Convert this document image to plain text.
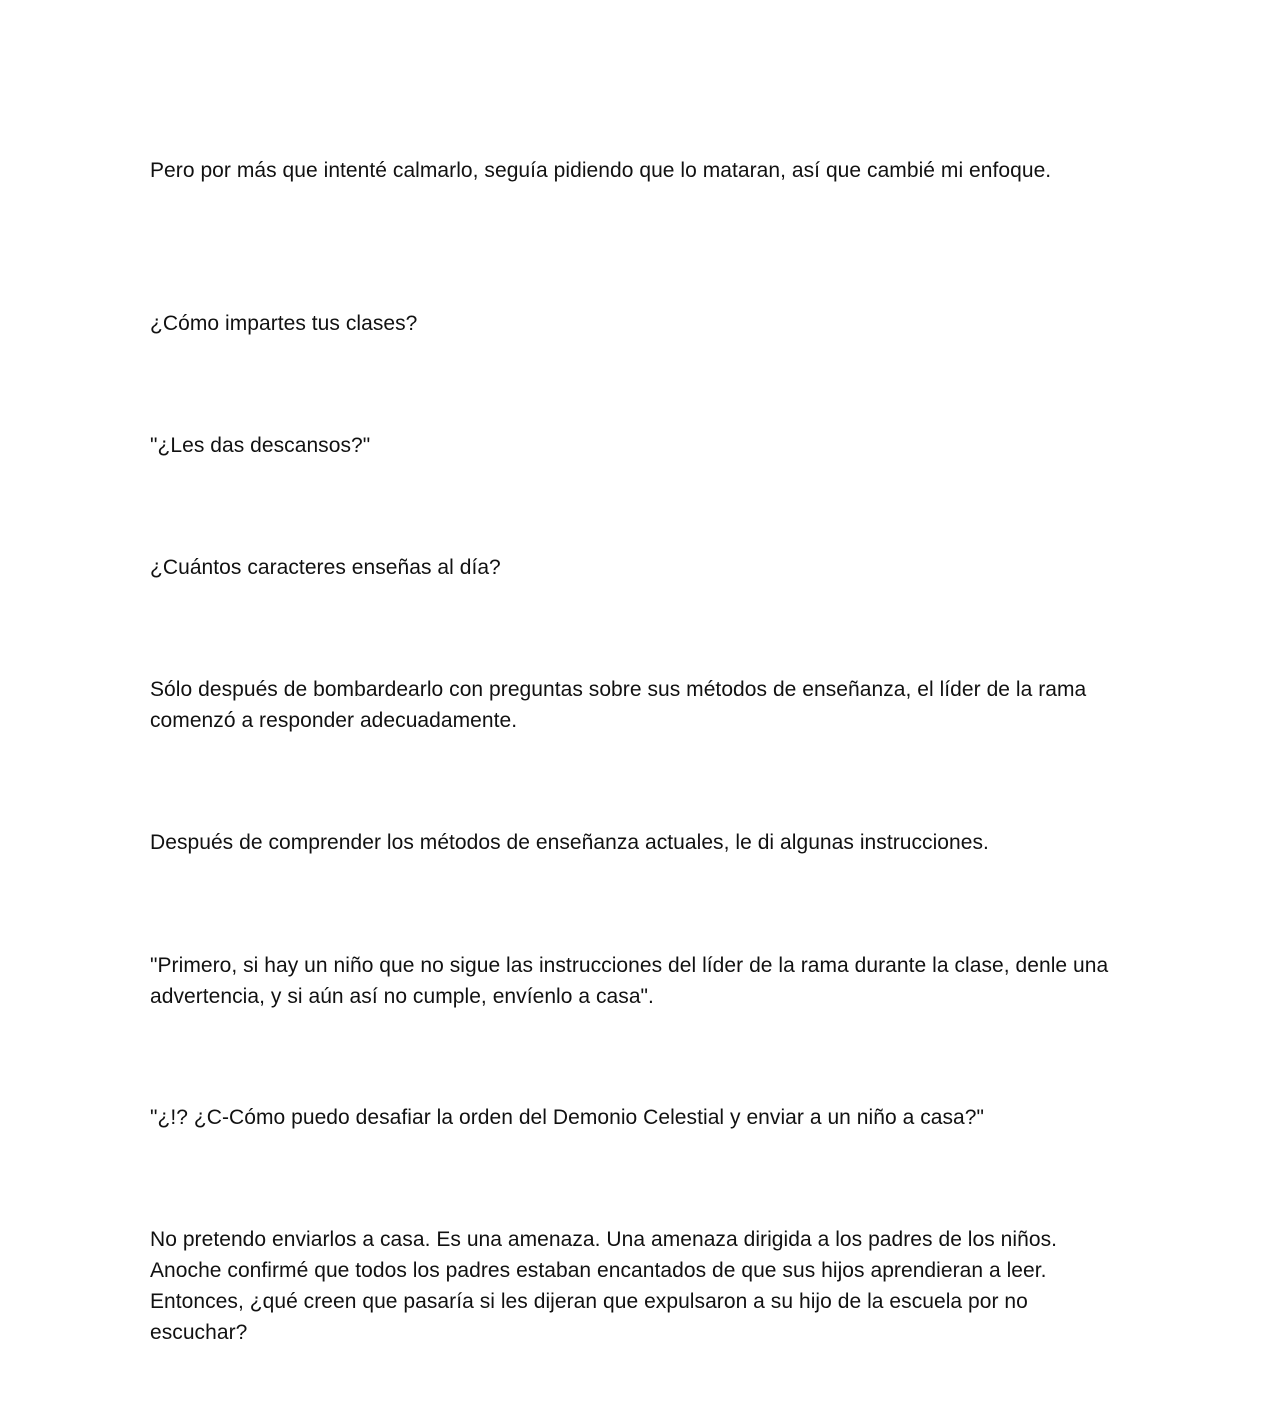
Pero por más que intenté calmarlo, seguía pidiendo que lo mataran, así que cambié mi enfoque.

¿Cómo impartes tus clases?

"¿Les das descansos?"

¿Cuántos caracteres enseñas al día?

Sólo después de bombardearlo con preguntas sobre sus métodos de enseñanza, el líder de la rama comenzó a responder adecuadamente.

Después de comprender los métodos de enseñanza actuales, le di algunas instrucciones.

"Primero, si hay un niño que no sigue las instrucciones del líder de la rama durante la clase, denle una advertencia, y si aún así no cumple, envíenlo a casa".

"¿!? ¿C-Cómo puedo desafiar la orden del Demonio Celestial y enviar a un niño a casa?"

No pretendo enviarlos a casa. Es una amenaza. Una amenaza dirigida a los padres de los niños. Anoche confirmé que todos los padres estaban encantados de que sus hijos aprendieran a leer. Entonces, ¿qué creen que pasaría si les dijeran que expulsaron a su hijo de la escuela por no escuchar?
